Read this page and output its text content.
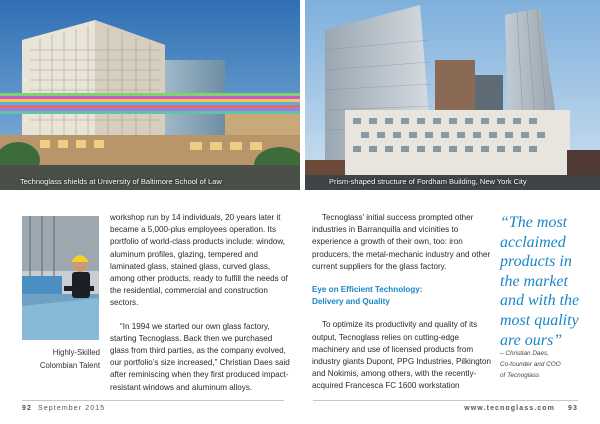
Technoglass shields at University of Baltimore School of Law	Prism-shaped structure of Fordham Building, New York City
Highly-Skilled
Colombian Talent

workshop run by 14 individuals, 20 years later it became a 5,000-plus employees operation. Its portfolio of world-class products include: window, aluminum profiles, glazing, tempered and laminated glass, stained glass, curved glass, among other products, ready to fulfill the needs of the residential, commercial and construction sectors.

“In 1994 we started our own glass factory, starting Tecnoglass. Back then we purchased glass from third parties, as the company evolved, our portfolio’s size increased,” Christian Daes said after reminiscing when they first produced impact-resistant windows and aluminum alloys.

Tecnoglass’ initial success prompted other industries in Barranquilla and vicinities to experience a growth of their own, too: iron producers, the metal-mechanic industry and other current suppliers for the glass factory.

Eye on Efficient Technology:
Delivery and Quality

To optimize its productivity and quality of its output, Tecnoglass relies on cutting-edge machinery and use of licensed products from industry giants Dupont, PPG Industries, Pilkington and Nokimis, among others, with the recently-acquired Francesca FC 1600 workstation

“The most acclaimed products in the market and with the most quality are ours”
– Christian Daes,
Co-founder and COO
of Tecnoglass
92 September 2015	www.tecnoglass.com 93
